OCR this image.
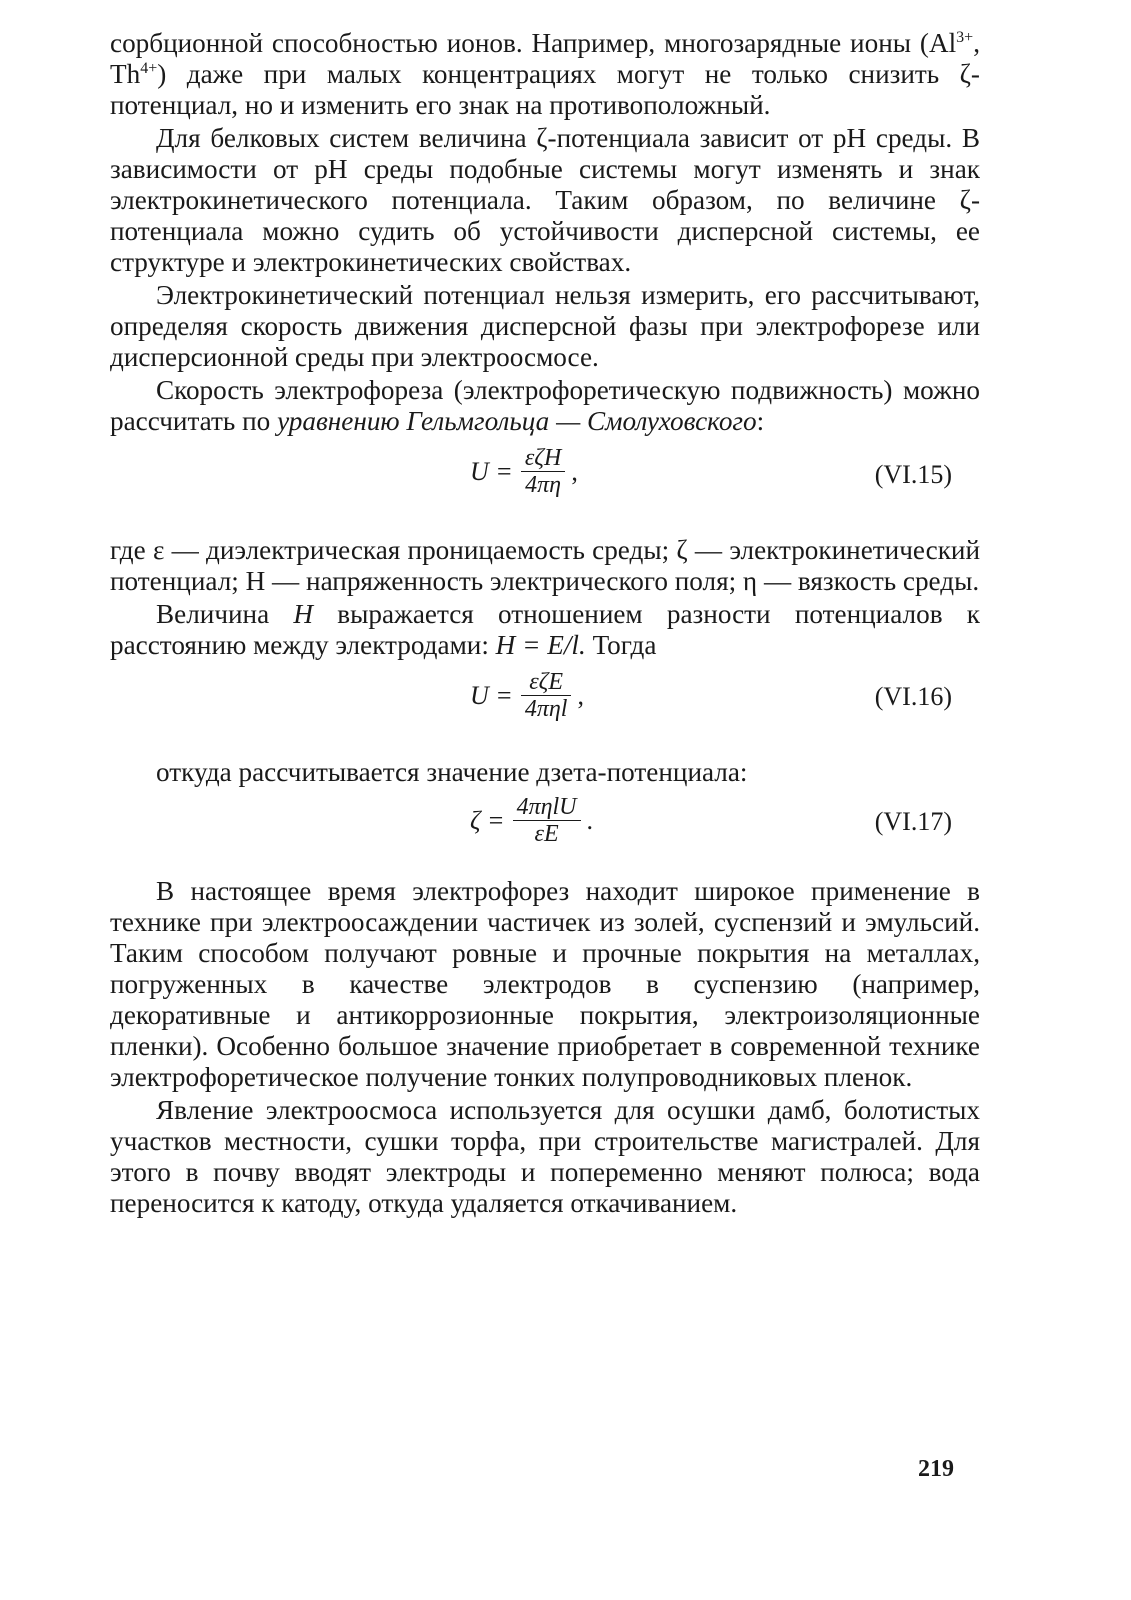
сорбционной способностью ионов. Например, многозарядные ионы ($Al^{3+}$, $Th^{4+}$) даже при малых концентрациях могут не только снизить ζ-потенциал, но и изменить его знак на противоположный.

Для белковых систем величина ζ-потенциала зависит от рН среды. В зависимости от рН среды подобные системы могут изменять и знак электрокинетического потенциала. Таким образом, по величине ζ-потенциала можно судить об устойчивости дисперсной системы, ее структуре и электрокинетических свойствах.

Электрокинетический потенциал нельзя измерить, его рассчитывают, определяя скорость движения дисперсной фазы при электрофорезе или дисперсионной среды при электроосмосе.

Скорость электрофореза (электрофоретическую подвижность) можно рассчитать по уравнению Гельмгольца — Смолуховского:

$U = \frac{\text{εζH}}{4\pi\eta}$ ,	(VI.15)

где ε — диэлектрическая проницаемость среды; ζ — электрокинетический потенциал; Н — напряженность электрического поля; η — вязкость среды.

Величина Н выражается отношением разности потенциалов к расстоянию между электродами: Н = E/l. Тогда

$U = \frac{\text{εζE}}{\text{4πηl}}$ ,	(VI.16)

откуда рассчитывается значение дзета-потенциала:

$\zeta = \frac{\text{4πηlU}}{\varepsilon E}$ .	(VI.17)

В настоящее время электрофорез находит широкое применение в технике при электроосаждении частичек из золей, суспензий и эмульсий. Таким способом получают ровные и прочные покрытия на металлах, погруженных в качестве электродов в суспензию (например, декоративные и антикоррозионные покрытия, электроизоляционные пленки). Особенно большое значение приобретает в современной технике электрофоретическое получение тонких полупроводниковых пленок.

Явление электроосмоса используется для осушки дамб, болотистых участков местности, сушки торфа, при строительстве магистралей. Для этого в почву вводят электроды и попеременно меняют полюса; вода переносится к катоду, откуда удаляется откачиванием.

219
